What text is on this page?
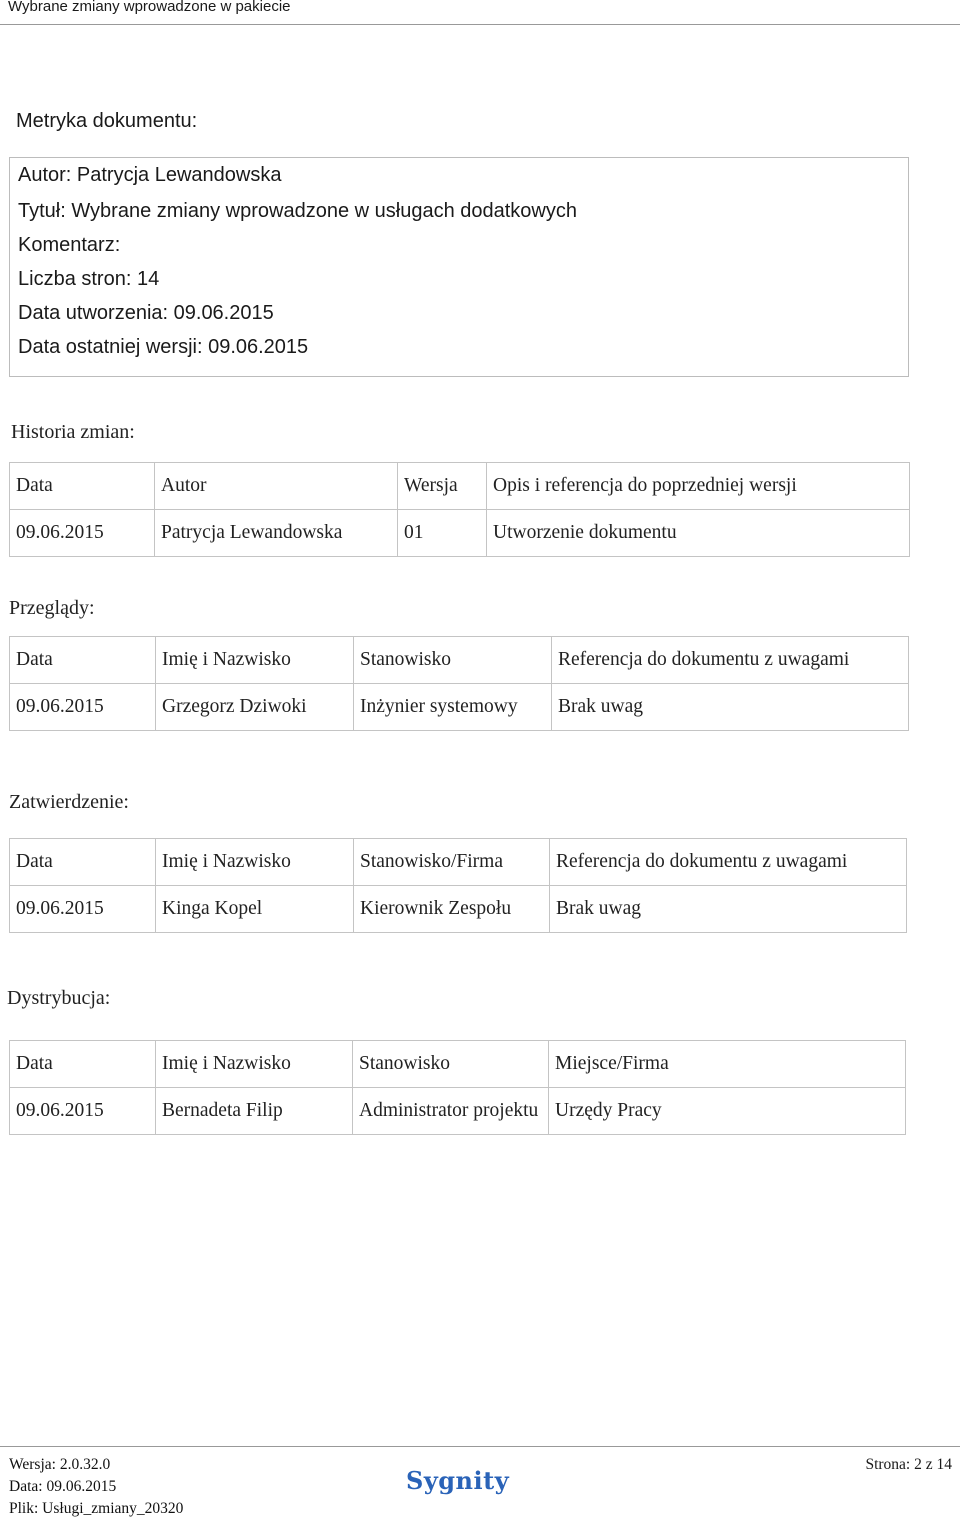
Wybrane zmiany wprowadzone w pakiecie
Metryka dokumentu:
Autor: Patrycja Lewandowska
Tytuł: Wybrane zmiany wprowadzone w usługach dodatkowych
Komentarz:
Liczba stron: 14
Data utworzenia: 09.06.2015
Data ostatniej wersji: 09.06.2015
Historia zmian:
Data	Autor	Wersja	Opis i referencja do poprzedniej wersji
09.06.2015	Patrycja Lewandowska	01	Utworzenie dokumentu
Przeglądy:
Data	Imię i Nazwisko	Stanowisko	Referencja do dokumentu z uwagami
09.06.2015	Grzegorz Dziwoki	Inżynier systemowy	Brak uwag
Zatwierdzenie:
Data	Imię i Nazwisko	Stanowisko/Firma	Referencja do dokumentu z uwagami
09.06.2015	Kinga Kopel	Kierownik Zespołu	Brak uwag
Dystrybucja:
Data	Imię i Nazwisko	Stanowisko	Miejsce/Firma
09.06.2015	Bernadeta Filip	Administrator projektu	Urzędy Pracy
Wersja: 2.0.32.0
Data: 09.06.2015
Plik: Usługi_zmiany_20320
Sygnity
Strona: 2 z 14
